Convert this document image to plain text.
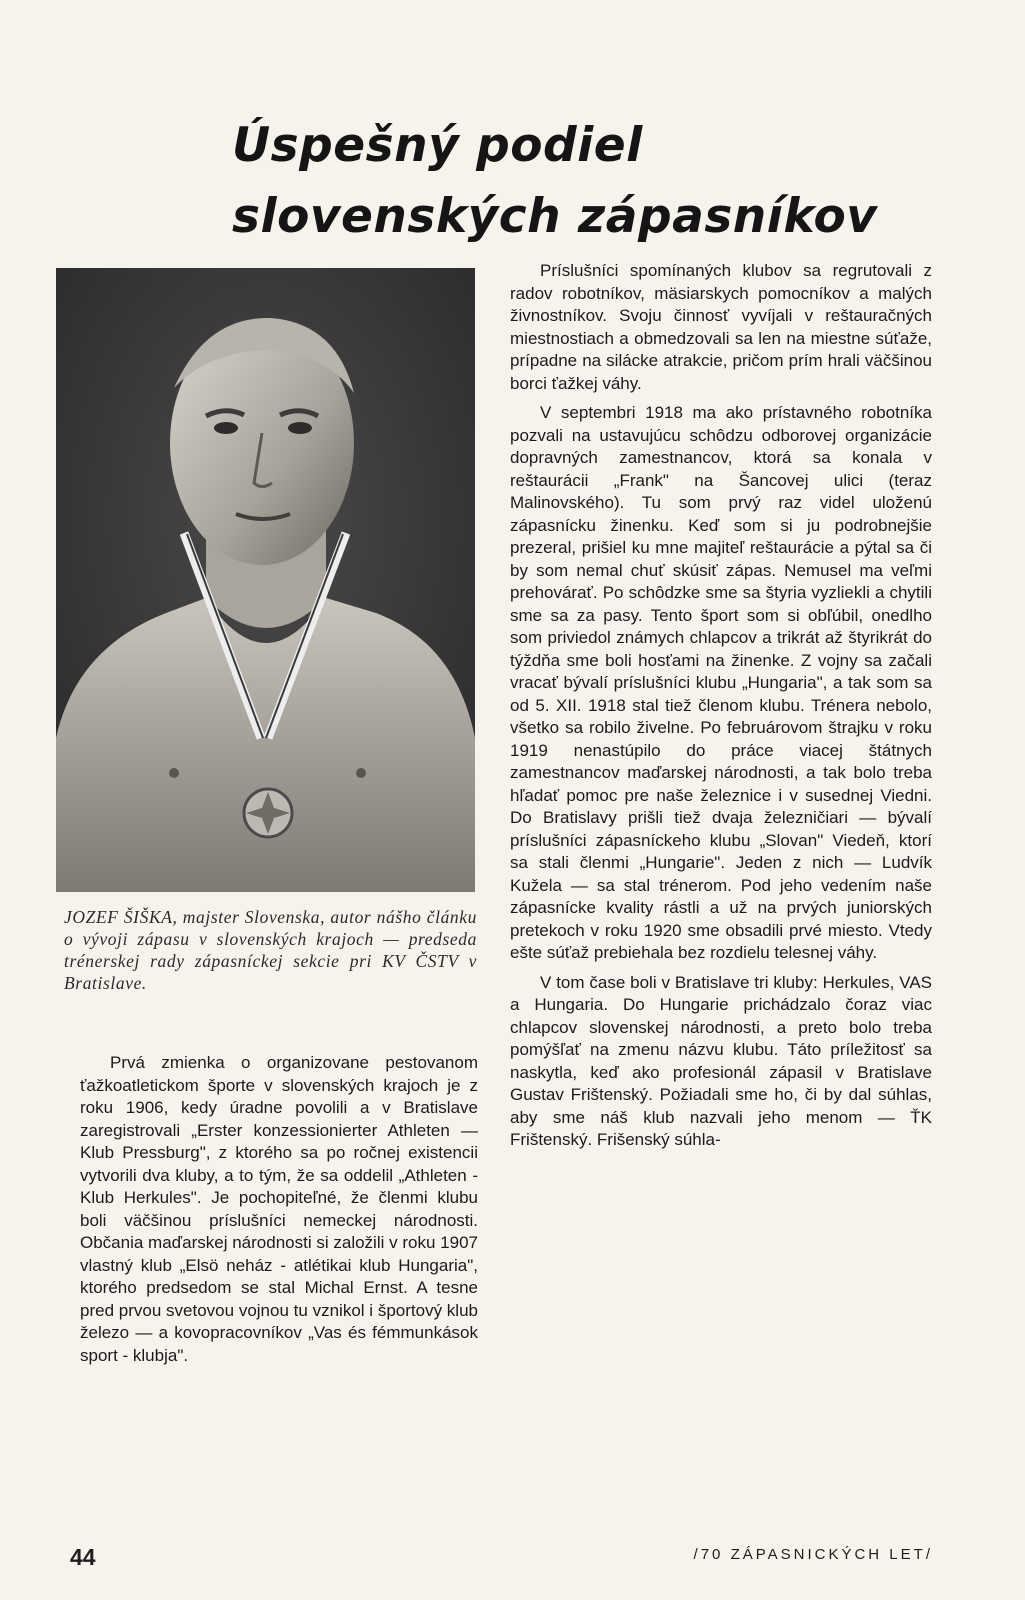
Úspešný podiel
slovenských zápasníkov
JOZEF ŠIŠKA, majster Slovenska, autor nášho článku o vývoji zápasu v slovenských krajoch — predseda trénerskej rady zápasníckej sekcie pri KV ČSTV v Bratislave.

Prvá zmienka o organizovane pestovanom ťažkoatletickom športe v slovenských krajoch je z roku 1906, kedy úradne povolili a v Bratislave zaregistrovali „Erster konzessionierter Athleten — Klub Pressburg", z ktorého sa po ročnej existencii vytvorili dva kluby, a to tým, že sa oddelil „Athleten - Klub Herkules". Je pochopiteľné, že členmi klubu boli väčšinou príslušníci nemeckej národnosti. Občania maďarskej národnosti si založili v roku 1907 vlastný klub „Elsö neház - atlétikai klub Hungaria", ktorého predsedom se stal Michal Ernst. A tesne pred prvou svetovou vojnou tu vznikol i športový klub železo — a kovopracovníkov „Vas és fémmunkások sport - klubja".

Príslušníci spomínaných klubov sa regrutovali z radov robotníkov, mäsiarskych pomocníkov a malých živnostníkov. Svoju činnosť vyvíjali v reštauračných miestnostiach a obmedzovali sa len na miestne súťaže, prípadne na silácke atrakcie, pričom prím hrali väčšinou borci ťažkej váhy.

V septembri 1918 ma ako prístavného robotníka pozvali na ustavujúcu schôdzu odborovej organizácie dopravných zamestnancov, ktorá sa konala v reštaurácii „Frank" na Šancovej ulici (teraz Malinovského). Tu som prvý raz videl uloženú zápasnícku žinenku. Keď som si ju podrobnejšie prezeral, prišiel ku mne majiteľ reštaurácie a pýtal sa či by som nemal chuť skúsiť zápas. Nemusel ma veľmi prehovárať. Po schôdzke sme sa štyria vyzliekli a chytili sme sa za pasy. Tento šport som si obľúbil, onedlho som priviedol známych chlapcov a trikrát až štyrikrát do týždňa sme boli hosťami na žinenke. Z vojny sa začali vracať bývalí príslušníci klubu „Hungaria", a tak som sa od 5. XII. 1918 stal tiež členom klubu. Trénera nebolo, všetko sa robilo živelne. Po februárovom štrajku v roku 1919 nenastúpilo do práce viacej štátnych zamestnancov maďarskej národnosti, a tak bolo treba hľadať pomoc pre naše železnice i v susednej Viedni. Do Bratislavy prišli tiež dvaja železničiari — bývalí príslušníci zápasníckeho klubu „Slovan" Viedeň, ktorí sa stali členmi „Hungarie". Jeden z nich — Ludvík Kužela — sa stal trénerom. Pod jeho vedením naše zápasnícke kvality rástli a už na prvých juniorských pretekoch v roku 1920 sme obsadili prvé miesto. Vtedy ešte súťaž prebiehala bez rozdielu telesnej váhy.

V tom čase boli v Bratislave tri kluby: Herkules, VAS a Hungaria. Do Hungarie prichádzalo čoraz viac chlapcov slovenskej národnosti, a preto bolo treba pomýšľať na zmenu názvu klubu. Táto príležitosť sa naskytla, keď ako profesionál zápasil v Bratislave Gustav Frištenský. Požiadali sme ho, či by dal súhlas, aby sme náš klub nazvali jeho menom — ŤK Frištenský. Frišenský súhla-

44	/70 ZÁPASNICKÝCH LET/
